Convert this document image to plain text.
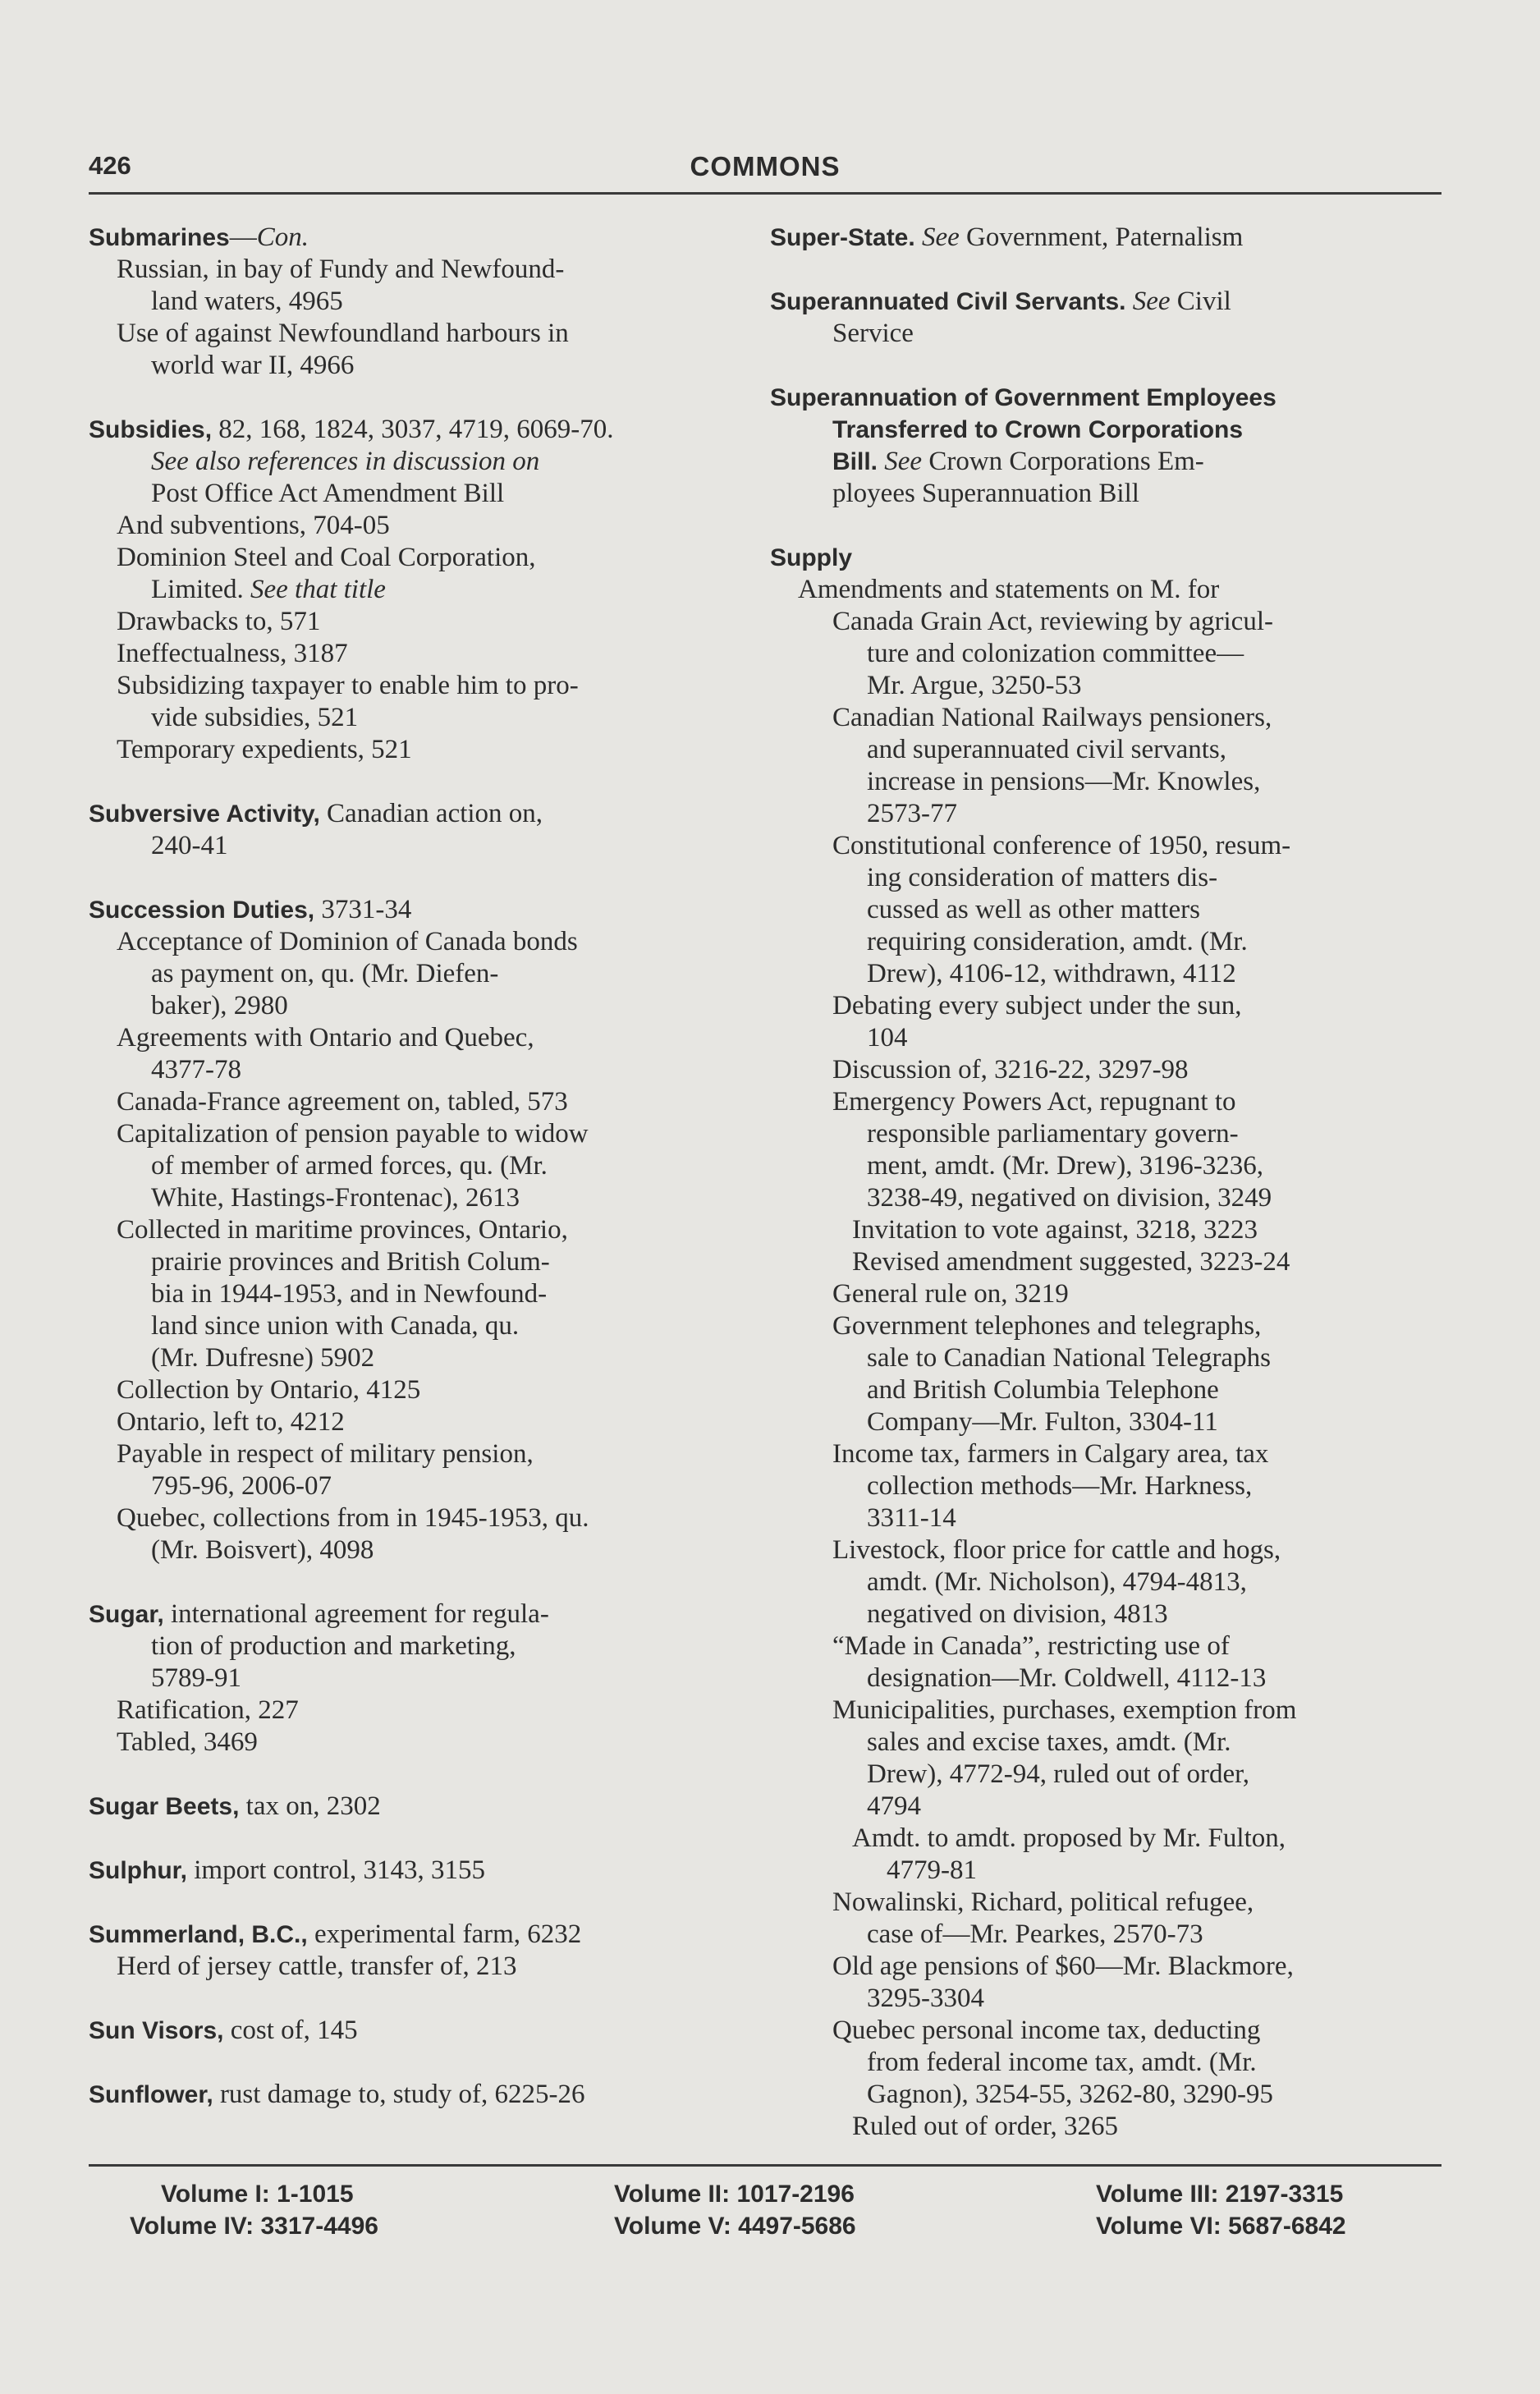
426	COMMONS
Submarines—Con.
Russian, in bay of Fundy and Newfound-
land waters, 4965
Use of against Newfoundland harbours in
world war II, 4966
Subsidies, 82, 168, 1824, 3037, 4719, 6069-70.
See also references in discussion on
Post Office Act Amendment Bill
And subventions, 704-05
Dominion Steel and Coal Corporation,
Limited. See that title
Drawbacks to, 571
Ineffectualness, 3187
Subsidizing taxpayer to enable him to pro-
vide subsidies, 521
Temporary expedients, 521
Subversive Activity, Canadian action on,
240-41
Succession Duties, 3731-34
Acceptance of Dominion of Canada bonds
as payment on, qu. (Mr. Diefen-
baker), 2980
Agreements with Ontario and Quebec,
4377-78
Canada-France agreement on, tabled, 573
Capitalization of pension payable to widow
of member of armed forces, qu. (Mr.
White, Hastings-Frontenac), 2613
Collected in maritime provinces, Ontario,
prairie provinces and British Colum-
bia in 1944-1953, and in Newfound-
land since union with Canada, qu.
(Mr. Dufresne) 5902
Collection by Ontario, 4125
Ontario, left to, 4212
Payable in respect of military pension,
795-96, 2006-07
Quebec, collections from in 1945-1953, qu.
(Mr. Boisvert), 4098
Sugar, international agreement for regula-
tion of production and marketing,
5789-91
Ratification, 227
Tabled, 3469
Sugar Beets, tax on, 2302
Sulphur, import control, 3143, 3155
Summerland, B.C., experimental farm, 6232
Herd of jersey cattle, transfer of, 213
Sun Visors, cost of, 145
Sunflower, rust damage to, study of, 6225-26
Super-State. See Government, Paternalism
Superannuated Civil Servants. See Civil
Service
Superannuation of Government Employees
Transferred to Crown Corporations
Bill. See Crown Corporations Em-
ployees Superannuation Bill
Supply
Amendments and statements on M. for
Canada Grain Act, reviewing by agricul-
ture and colonization committee—
Mr. Argue, 3250-53
Canadian National Railways pensioners,
and superannuated civil servants,
increase in pensions—Mr. Knowles,
2573-77
Constitutional conference of 1950, resum-
ing consideration of matters dis-
cussed as well as other matters
requiring consideration, amdt. (Mr.
Drew), 4106-12, withdrawn, 4112
Debating every subject under the sun,
104
Discussion of, 3216-22, 3297-98
Emergency Powers Act, repugnant to
responsible parliamentary govern-
ment, amdt. (Mr. Drew), 3196-3236,
3238-49, negatived on division, 3249
Invitation to vote against, 3218, 3223
Revised amendment suggested, 3223-24
General rule on, 3219
Government telephones and telegraphs,
sale to Canadian National Telegraphs
and British Columbia Telephone
Company—Mr. Fulton, 3304-11
Income tax, farmers in Calgary area, tax
collection methods—Mr. Harkness,
3311-14
Livestock, floor price for cattle and hogs,
amdt. (Mr. Nicholson), 4794-4813,
negatived on division, 4813
“Made in Canada”, restricting use of
designation—Mr. Coldwell, 4112-13
Municipalities, purchases, exemption from
sales and excise taxes, amdt. (Mr.
Drew), 4772-94, ruled out of order,
4794
Amdt. to amdt. proposed by Mr. Fulton,
4779-81
Nowalinski, Richard, political refugee,
case of—Mr. Pearkes, 2570-73
Old age pensions of $60—Mr. Blackmore,
3295-3304
Quebec personal income tax, deducting
from federal income tax, amdt. (Mr.
Gagnon), 3254-55, 3262-80, 3290-95
Ruled out of order, 3265
Volume I: 1-1015	Volume II: 1017-2196	Volume III: 2197-3315
Volume IV: 3317-4496	Volume V: 4497-5686	Volume VI: 5687-6842
